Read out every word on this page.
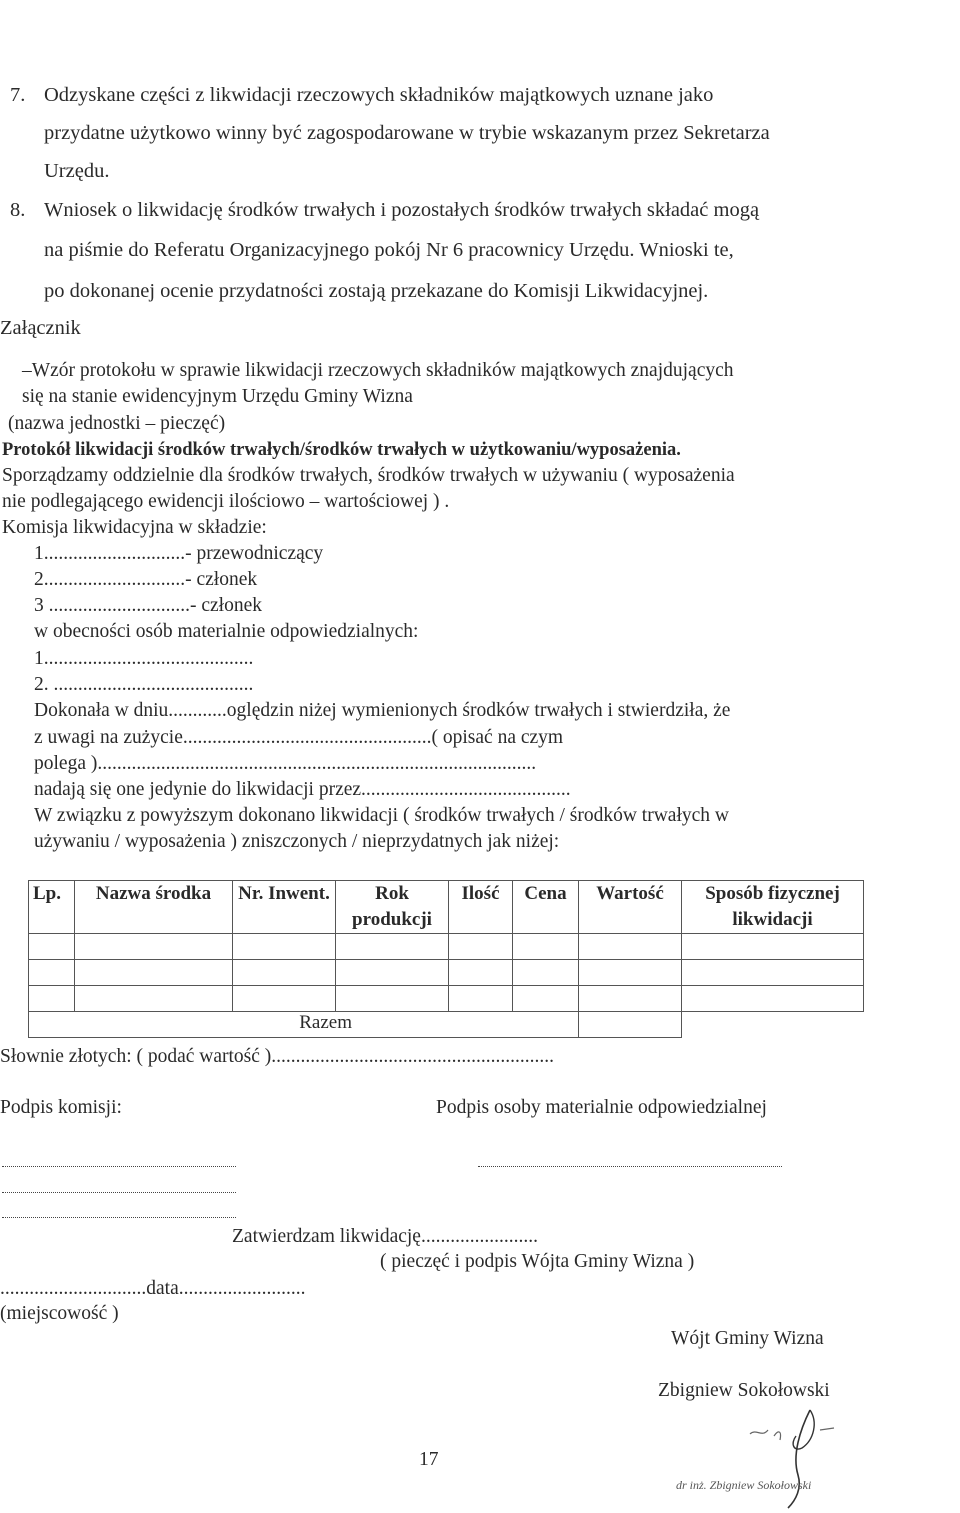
7. Odzyskane części z likwidacji rzeczowych składników majątkowych uznane jako
przydatne użytkowo winny być zagospodarowane w trybie wskazanym przez Sekretarza
Urzędu.
8. Wniosek o likwidację środków trwałych i pozostałych środków trwałych składać mogą
na piśmie do Referatu Organizacyjnego pokój Nr 6 pracownicy Urzędu. Wnioski te,
po dokonanej ocenie przydatności zostają przekazane do Komisji Likwidacyjnej.
Załącznik
–Wzór protokołu w sprawie likwidacji rzeczowych składników majątkowych znajdujących
się na stanie ewidencyjnym Urzędu Gminy Wizna
(nazwa jednostki – pieczęć)
Protokół likwidacji środków trwałych/środków trwałych w użytkowaniu/wyposażenia.
Sporządzamy oddzielnie dla środków trwałych, środków trwałych w używaniu ( wyposażenia
nie podlegającego ewidencji ilościowo – wartościowej ) .
Komisja likwidacyjna w składzie:
1.............................- przewodniczący
2.............................- członek
3 .............................- członek
w obecności osób materialnie odpowiedzialnych:
1...........................................
2. .........................................
Dokonała w dniu............oględzin niżej wymienionych środków trwałych i stwierdziła, że
z uwagi na zużycie...................................................( opisać na czym
polega )..........................................................................................
nadają się one jedynie do likwidacji przez...........................................
W związku z powyższym dokonano likwidacji ( środków trwałych / środków trwałych w
używaniu / wyposażenia ) zniszczonych / nieprzydatnych jak niżej:
Lp.	Nazwa środka	Nr. Inwent.	Rok produkcji	Ilość	Cena	Wartość	Sposób fizycznej likwidacji

Razem							
Słownie złotych: ( podać wartość )..........................................................
Podpis komisji:	Podpis osoby materialnie odpowiedzialnej
Zatwierdzam likwidację........................
( pieczęć i podpis Wójta Gminy Wizna )
..............................data..........................
(miejscowość )
Wójt Gminy Wizna
Zbigniew Sokołowski
17
dr inż. Zbigniew Sokołowski
